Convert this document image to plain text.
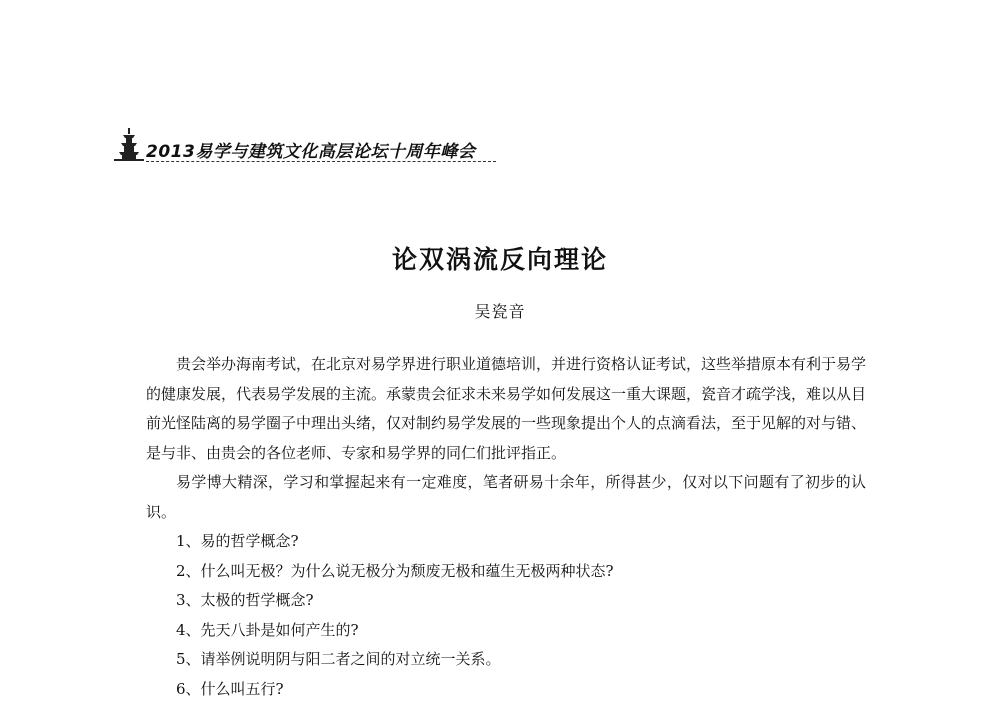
2013易学与建筑文化高层论坛十周年峰会
论双涡流反向理论
吴瓷音

贵会举办海南考试，在北京对易学界进行职业道德培训，并进行资格认证考试，这些举措原本有利于易学的健康发展，代表易学发展的主流。承蒙贵会征求未来易学如何发展这一重大课题，瓷音才疏学浅，难以从目前光怪陆离的易学圈子中理出头绪，仅对制约易学发展的一些现象提出个人的点滴看法，至于见解的对与错、是与非、由贵会的各位老师、专家和易学界的同仁们批评指正。

易学博大精深，学习和掌握起来有一定难度，笔者研易十余年，所得甚少，仅对以下问题有了初步的认识。

1、易的哲学概念?

2、什么叫无极？为什么说无极分为颓废无极和蕴生无极两种状态?

3、太极的哲学概念?

4、先天八卦是如何产生的?

5、请举例说明阴与阳二者之间的对立统一关系。

6、什么叫五行?
